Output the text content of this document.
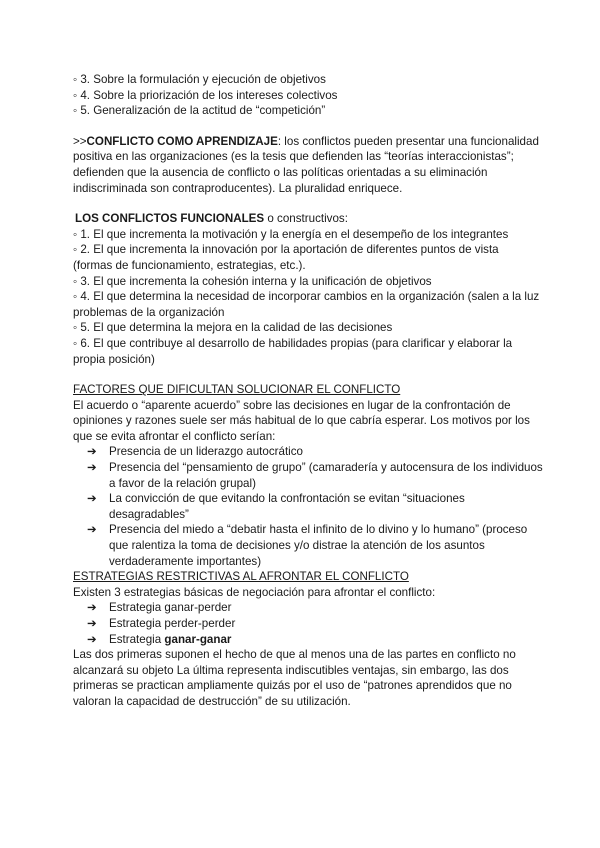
◦ 3. Sobre la formulación y ejecución de objetivos
◦ 4. Sobre la priorización de los intereses colectivos
◦ 5. Generalización de la actitud de “competición”
>>CONFLICTO COMO APRENDIZAJE: los conflictos pueden presentar una funcionalidad
positiva en las organizaciones (es la tesis que defienden las “teorías interaccionistas”;
defienden que la ausencia de conflicto o las políticas orientadas a su eliminación
indiscriminada son contraproducentes). La pluralidad enriquece.
LOS CONFLICTOS FUNCIONALES o constructivos:
◦ 1. El que incrementa la motivación y la energía en el desempeño de los integrantes
◦ 2. El que incrementa la innovación por la aportación de diferentes puntos de vista
(formas de funcionamiento, estrategias, etc.).
◦ 3. El que incrementa la cohesión interna y la unificación de objetivos
◦ 4. El que determina la necesidad de incorporar cambios en la organización (salen a la luz
problemas de la organización
◦ 5. El que determina la mejora en la calidad de las decisiones
◦ 6. El que contribuye al desarrollo de habilidades propias (para clarificar y elaborar la
propia posición)
FACTORES QUE DIFICULTAN SOLUCIONAR EL CONFLICTO
El acuerdo o “aparente acuerdo” sobre las decisiones en lugar de la confrontación de
opiniones y razones suele ser más habitual de lo que cabría esperar. Los motivos por los
que se evita afrontar el conflicto serían:
➔ Presencia de un liderazgo autocrático
➔ Presencia del “pensamiento de grupo” (camaradería y autocensura de los individuos
a favor de la relación grupal)
➔ La convicción de que evitando la confrontación se evitan “situaciones
desagradables”
➔ Presencia del miedo a “debatir hasta el infinito de lo divino y lo humano” (proceso
que ralentiza la toma de decisiones y/o distrae la atención de los asuntos
verdaderamente importantes)
ESTRATEGIAS RESTRICTIVAS AL AFRONTAR EL CONFLICTO
Existen 3 estrategias básicas de negociación para afrontar el conflicto:
➔ Estrategia ganar-perder
➔ Estrategia perder-perder
➔ Estrategia ganar-ganar
Las dos primeras suponen el hecho de que al menos una de las partes en conflicto no
alcanzará su objeto La última representa indiscutibles ventajas, sin embargo, las dos
primeras se practican ampliamente quizás por el uso de “patrones aprendidos que no
valoran la capacidad de destrucción” de su utilización.
